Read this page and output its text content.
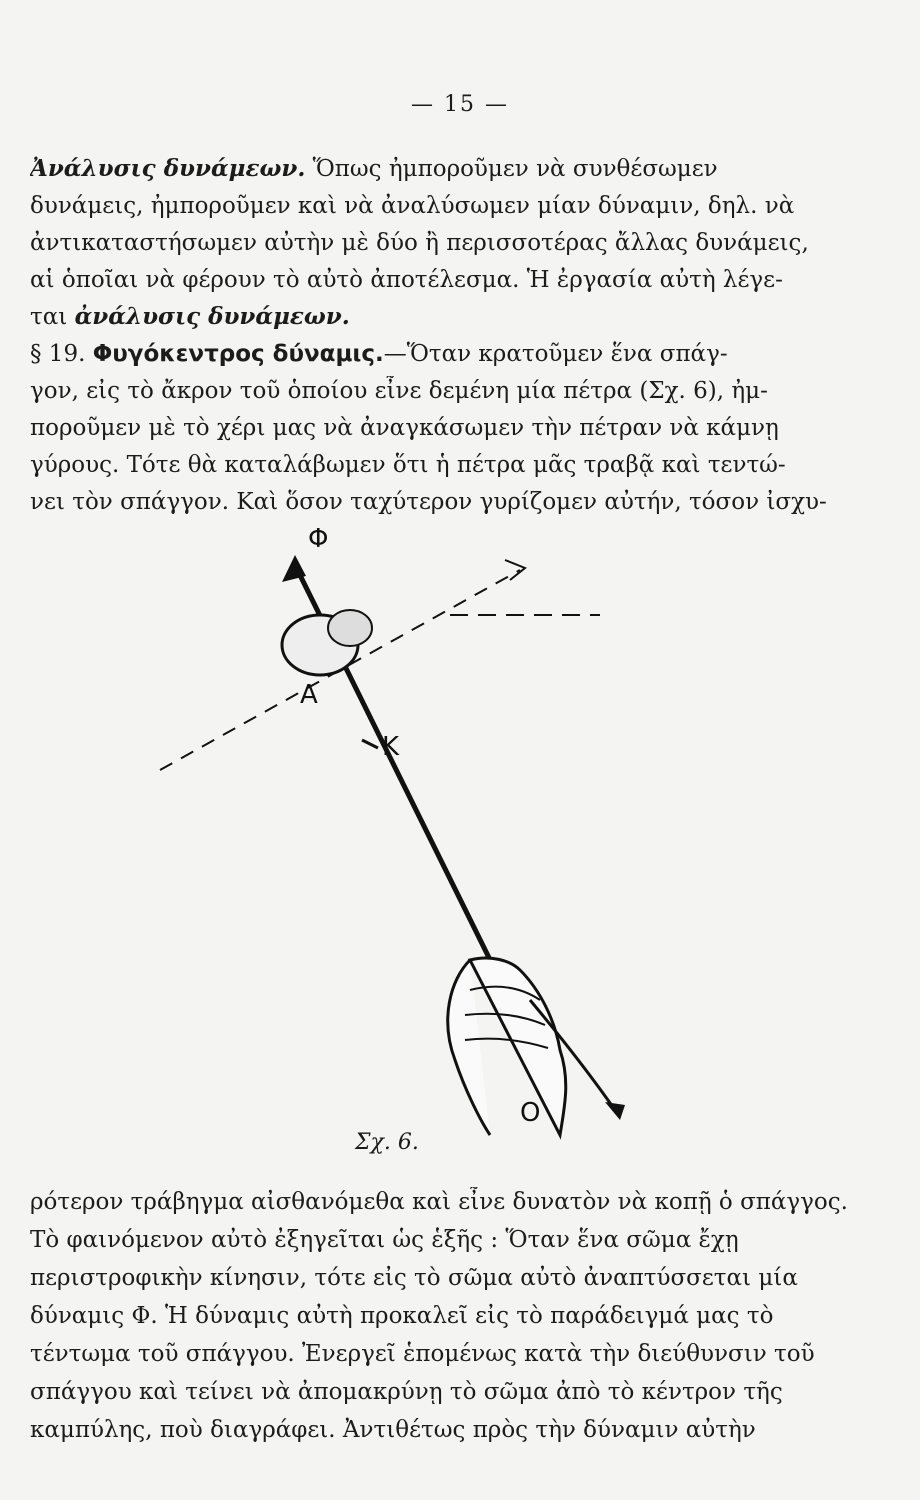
— 15 —
Ἀνάλυσις δυνάμεων. Ὅπως ἠμποροῦμεν νὰ συνθέσωμεν
δυνάμεις, ἠμποροῦμεν καὶ νὰ ἀναλύσωμεν μίαν δύναμιν, δηλ. νὰ
ἀντικαταστήσωμεν αὐτὴν μὲ δύο ἢ περισσοτέρας ἄλλας δυνάμεις,
αἱ ὁποῖαι νὰ φέρουν τὸ αὐτὸ ἀποτέλεσμα. Ἡ ἐργασία αὐτὴ λέγε-
ται ἀνάλυσις δυνάμεων.
§ 19. Φυγόκεντρος δύναμις.—Ὅταν κρατοῦμεν ἕνα σπάγ-
γον, εἰς τὸ ἄκρον τοῦ ὁποίου εἶνε δεμένη μία πέτρα (Σχ. 6), ἠμ-
ποροῦμεν μὲ τὸ χέρι μας νὰ ἀναγκάσωμεν τὴν πέτραν νὰ κάμνῃ
γύρους. Τότε θὰ καταλάβωμεν ὅτι ἡ πέτρα μᾶς τραβᾷ καὶ τεντώ-
νει τὸν σπάγγον. Καὶ ὅσον ταχύτερον γυρίζομεν αὐτήν, τόσον ἰσχυ-
Φ
A
K
O
Σχ. 6.
ρότερον τράβηγμα αἰσθανόμεθα καὶ εἶνε δυνατὸν νὰ κοπῇ ὁ σπάγγος.
Τὸ φαινόμενον αὐτὸ ἐξηγεῖται ὡς ἑξῆς : Ὅταν ἕνα σῶμα ἔχῃ
περιστροφικὴν κίνησιν, τότε εἰς τὸ σῶμα αὐτὸ ἀναπτύσσεται μία
δύναμις Φ. Ἡ δύναμις αὐτὴ προκαλεῖ εἰς τὸ παράδειγμά μας τὸ
τέντωμα τοῦ σπάγγου. Ἐνεργεῖ ἑπομένως κατὰ τὴν διεύθυνσιν τοῦ
σπάγγου καὶ τείνει νὰ ἀπομακρύνῃ τὸ σῶμα ἀπὸ τὸ κέντρον τῆς
καμπύλης, ποὺ διαγράφει. Ἀντιθέτως πρὸς τὴν δύναμιν αὐτὴν
